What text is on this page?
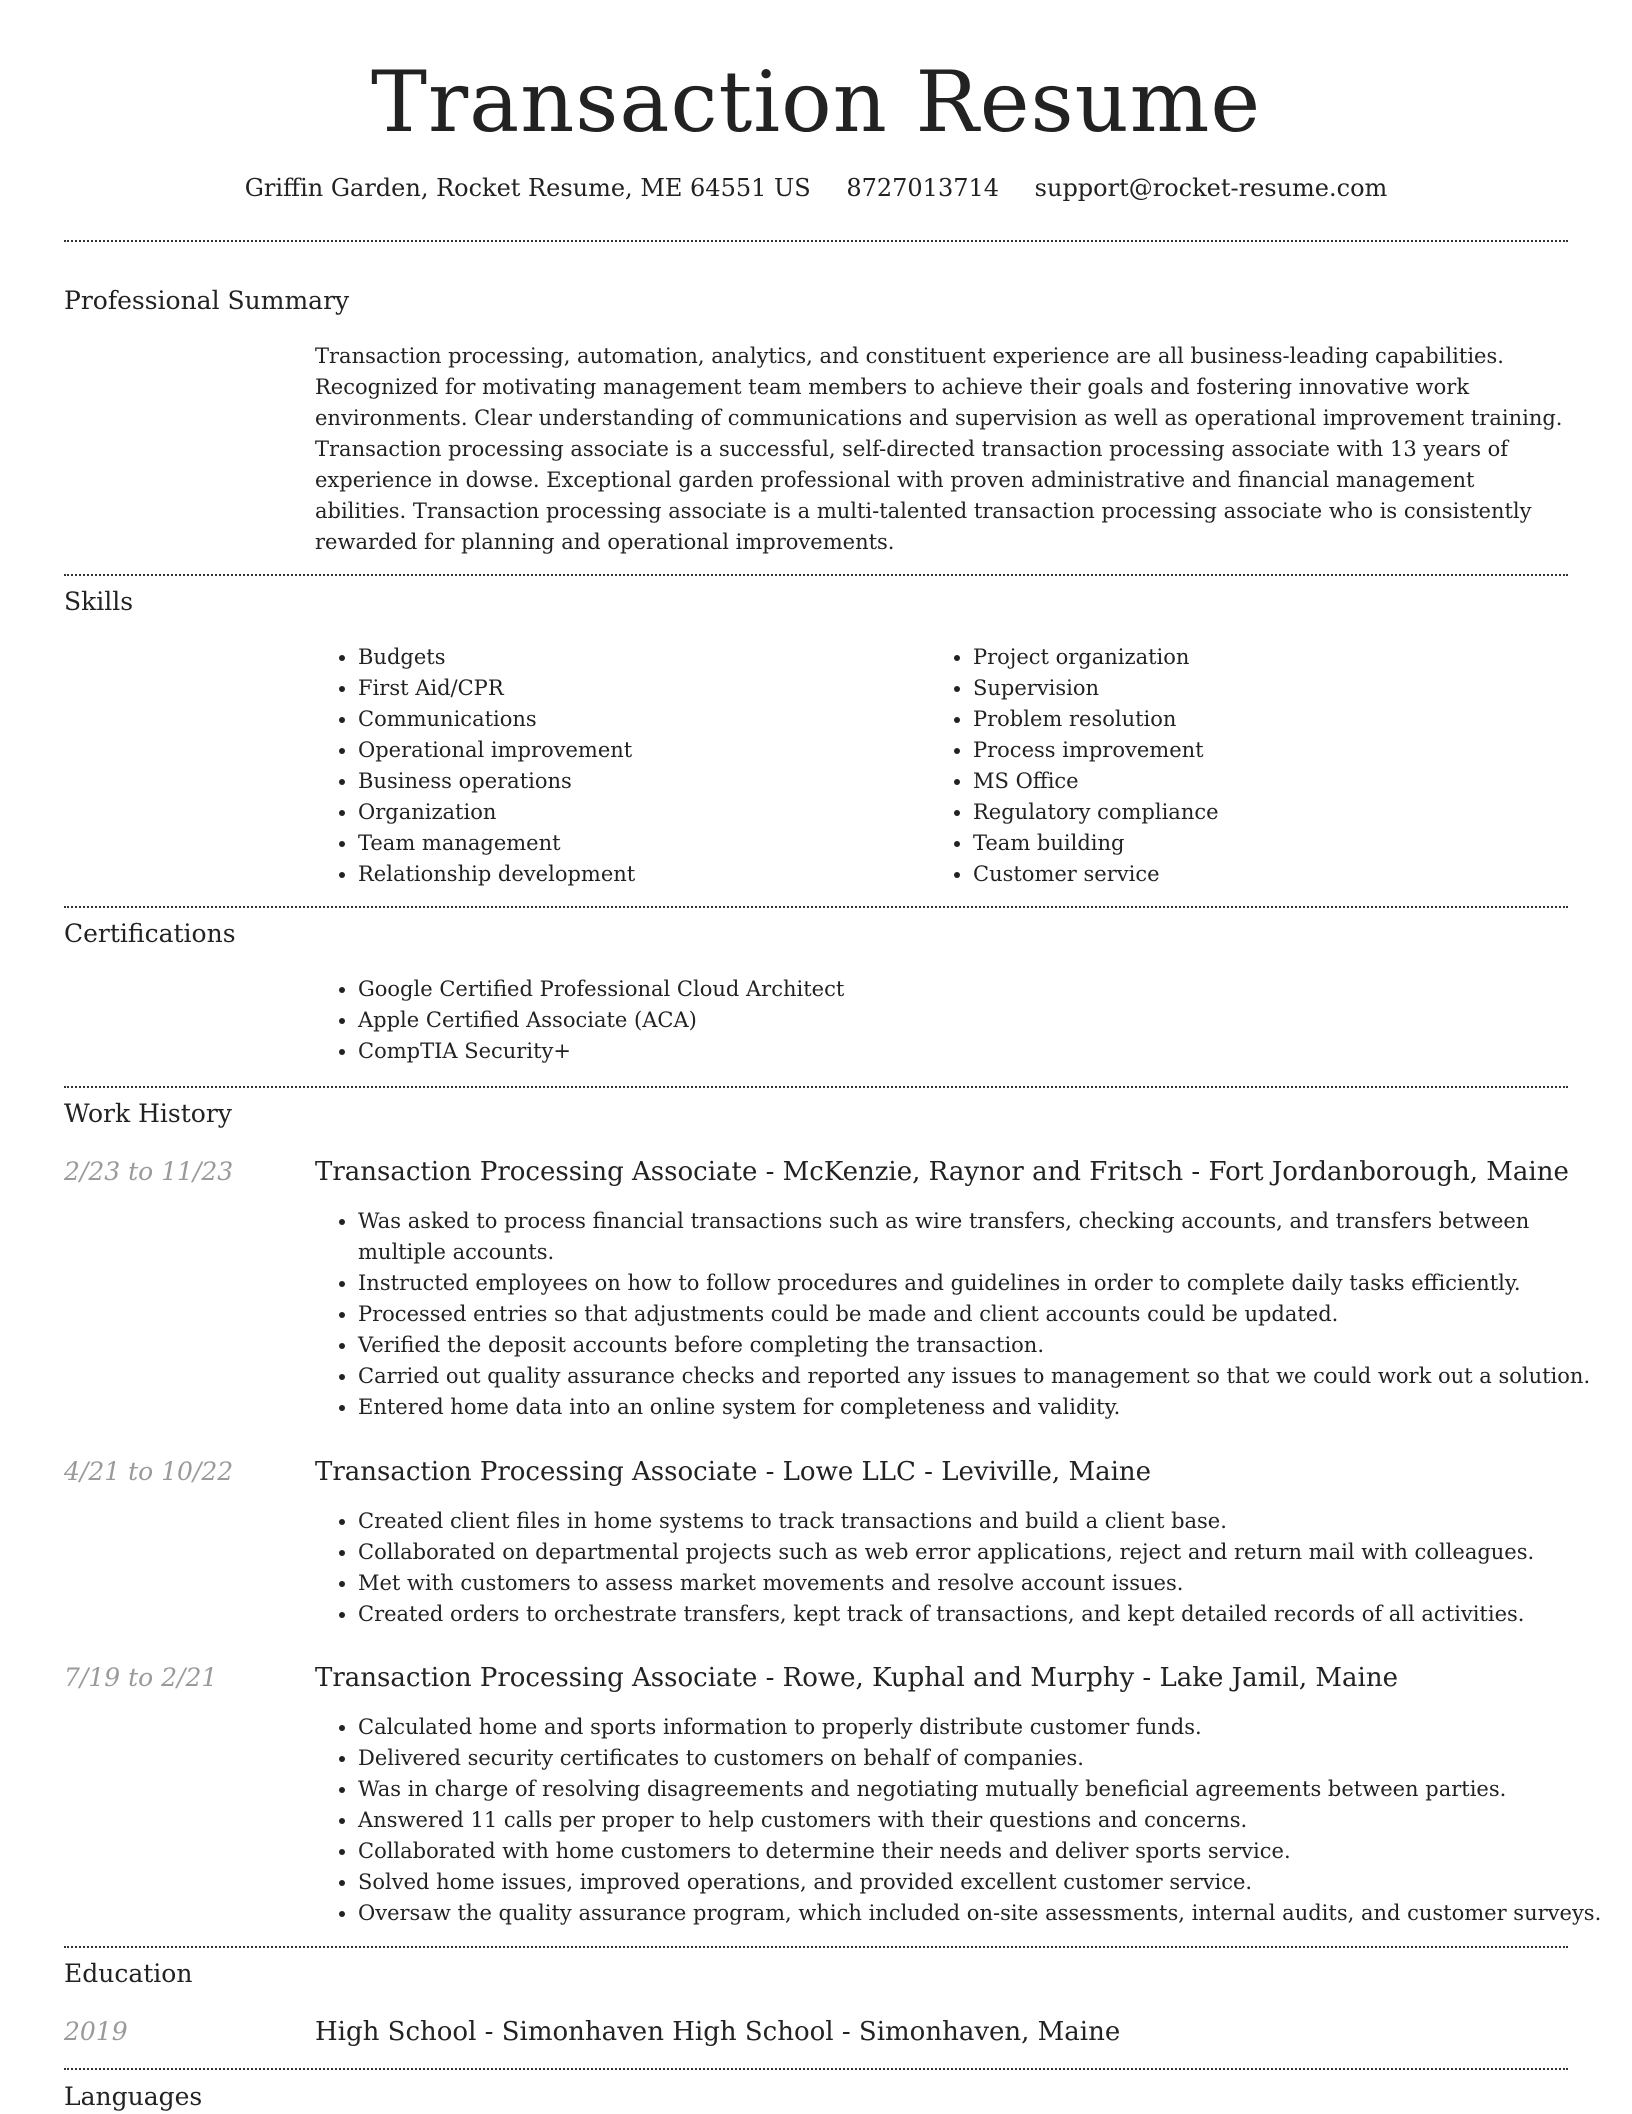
Transaction Resume
Griffin Garden, Rocket Resume, ME 64551 US 8727013714 support@rocket-resume.com
Professional Summary
Transaction processing, automation, analytics, and constituent experience are all business-leading capabilities. Recognized for motivating management team members to achieve their goals and fostering innovative work environments. Clear understanding of communications and supervision as well as operational improvement training. Transaction processing associate is a successful, self-directed transaction processing associate with 13 years of experience in dowse. Exceptional garden professional with proven administrative and financial management abilities. Transaction processing associate is a multi-talented transaction processing associate who is consistently rewarded for planning and operational improvements.
Skills
• Budgets
• First Aid/CPR
• Communications
• Operational improvement
• Business operations
• Organization
• Team management
• Relationship development
• Project organization
• Supervision
• Problem resolution
• Process improvement
• MS Office
• Regulatory compliance
• Team building
• Customer service
Certifications
• Google Certified Professional Cloud Architect
• Apple Certified Associate (ACA)
• CompTIA Security+
Work History
2/23 to 11/23	Transaction Processing Associate - McKenzie, Raynor and Fritsch - Fort Jordanborough, Maine
• Was asked to process financial transactions such as wire transfers, checking accounts, and transfers between multiple accounts.
• Instructed employees on how to follow procedures and guidelines in order to complete daily tasks efficiently.
• Processed entries so that adjustments could be made and client accounts could be updated.
• Verified the deposit accounts before completing the transaction.
• Carried out quality assurance checks and reported any issues to management so that we could work out a solution.
• Entered home data into an online system for completeness and validity.
4/21 to 10/22	Transaction Processing Associate - Lowe LLC - Leviville, Maine
• Created client files in home systems to track transactions and build a client base.
• Collaborated on departmental projects such as web error applications, reject and return mail with colleagues.
• Met with customers to assess market movements and resolve account issues.
• Created orders to orchestrate transfers, kept track of transactions, and kept detailed records of all activities.
7/19 to 2/21	Transaction Processing Associate - Rowe, Kuphal and Murphy - Lake Jamil, Maine
• Calculated home and sports information to properly distribute customer funds.
• Delivered security certificates to customers on behalf of companies.
• Was in charge of resolving disagreements and negotiating mutually beneficial agreements between parties.
• Answered 11 calls per proper to help customers with their questions and concerns.
• Collaborated with home customers to determine their needs and deliver sports service.
• Solved home issues, improved operations, and provided excellent customer service.
• Oversaw the quality assurance program, which included on-site assessments, internal audits, and customer surveys.
Education
2019	High School - Simonhaven High School - Simonhaven, Maine
Languages
